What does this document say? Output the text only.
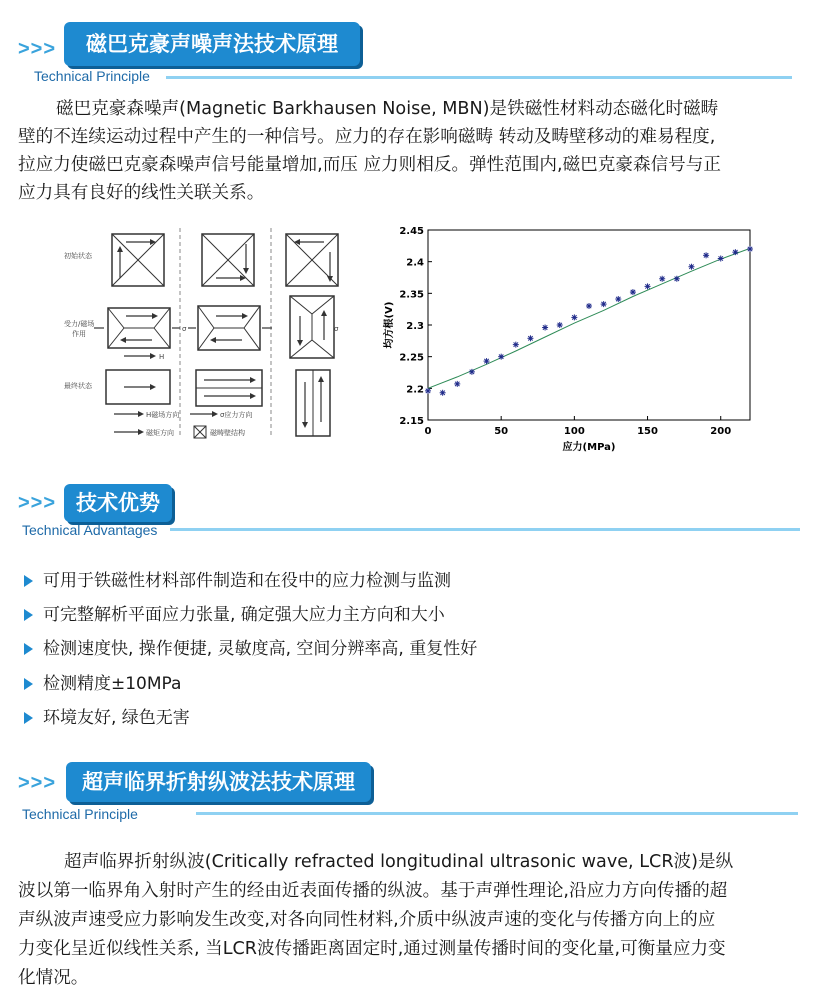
>>>	磁巴克豪声噪声法技术原理
Technical Principle
磁巴克豪森噪声(Magnetic Barkhausen Noise, MBN)是铁磁性材料动态磁化时磁畴
壁的不连续运动过程中产生的一种信号。应力的存在影响磁畴 转动及畴壁移动的难易程度,
拉应力使磁巴克豪森噪声信号能量增加,而压 应力则相反。弹性范围内,磁巴克豪森信号与正
应力具有良好的线性关联关系。
初始状态
受力/磁场
作用
最终状态
H
σ	σ
H磁场方向	σ应力方向
磁矩方向	磁畴壁结构	0	50	100	150	200
2.15
2.2
2.25
2.3
2.35
2.4
2.45
应力(MPa)
均方根(V)
>>> 技术优势
Technical Advantages
可用于铁磁性材料部件制造和在役中的应力检测与监测
可完整解析平面应力张量, 确定强大应力主方向和大小
检测速度快, 操作便捷, 灵敏度高, 空间分辨率高, 重复性好
检测精度±10MPa
环境友好, 绿色无害
>>>	超声临界折射纵波法技术原理
Technical Principle
超声临界折射纵波(Critically refracted longitudinal ultrasonic wave, LCR波)是纵
波以第一临界角入射时产生的经由近表面传播的纵波。基于声弹性理论,沿应力方向传播的超
声纵波声速受应力影响发生改变,对各向同性材料,介质中纵波声速的变化与传播方向上的应
力变化呈近似线性关系, 当LCR波传播距离固定时,通过测量传播时间的变化量,可衡量应力变
化情况。
